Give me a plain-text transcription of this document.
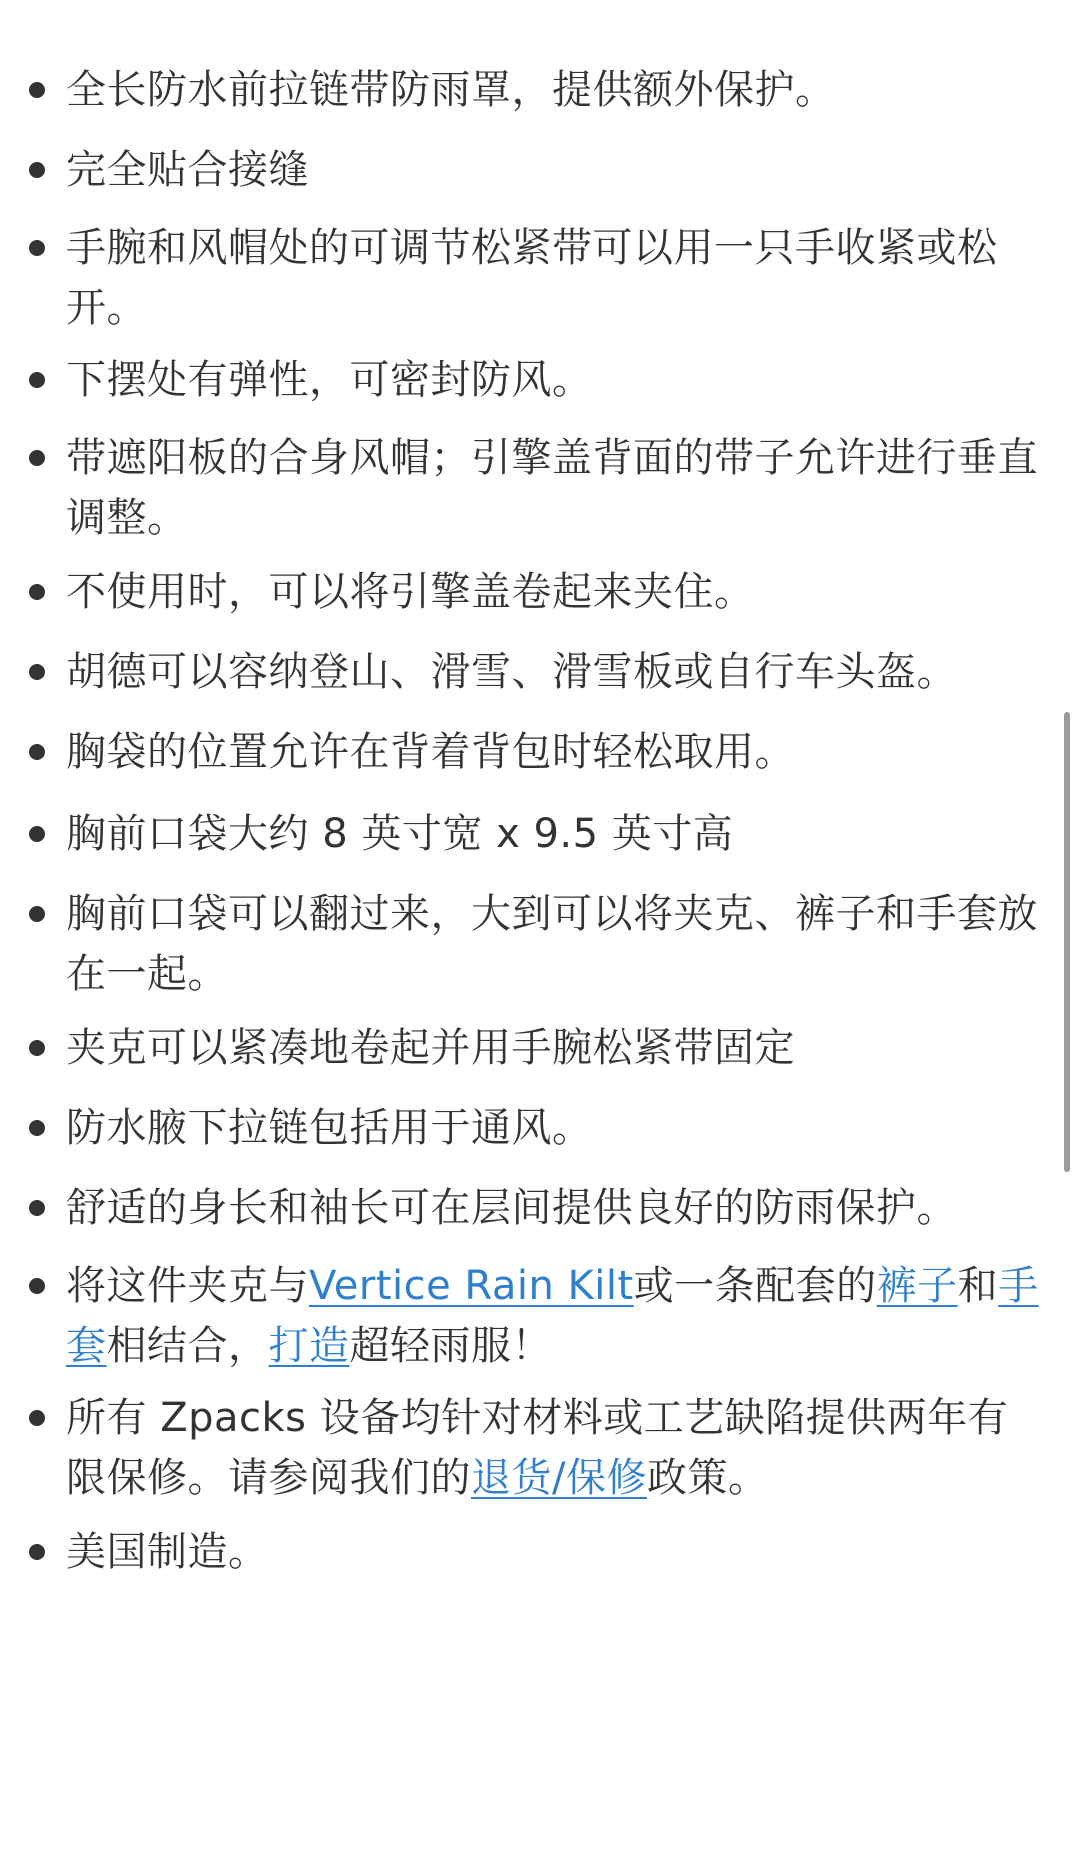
全长防水前拉链带防雨罩，提供额外保护。
完全贴合接缝
手腕和风帽处的可调节松紧带可以用一只手收紧或松开。
下摆处有弹性，可密封防风。
带遮阳板的合身风帽；引擎盖背面的带子允许进行垂直调整。
不使用时，可以将引擎盖卷起来夹住。
胡德可以容纳登山、滑雪、滑雪板或自行车头盔。
胸袋的位置允许在背着背包时轻松取用。
胸前口袋大约 8 英寸宽 x 9.5 英寸高
胸前口袋可以翻过来，大到可以将夹克、裤子和手套放在一起。
夹克可以紧凑地卷起并用手腕松紧带固定
防水腋下拉链包括用于通风。
舒适的身长和袖长可在层间提供良好的防雨保护。
将这件夹克与Vertice Rain Kilt或一条配套的裤子和手套相结合，打造超轻雨服！
所有 Zpacks 设备均针对材料或工艺缺陷提供两年有限保修。请参阅我们的退货/保修政策。
美国制造。
